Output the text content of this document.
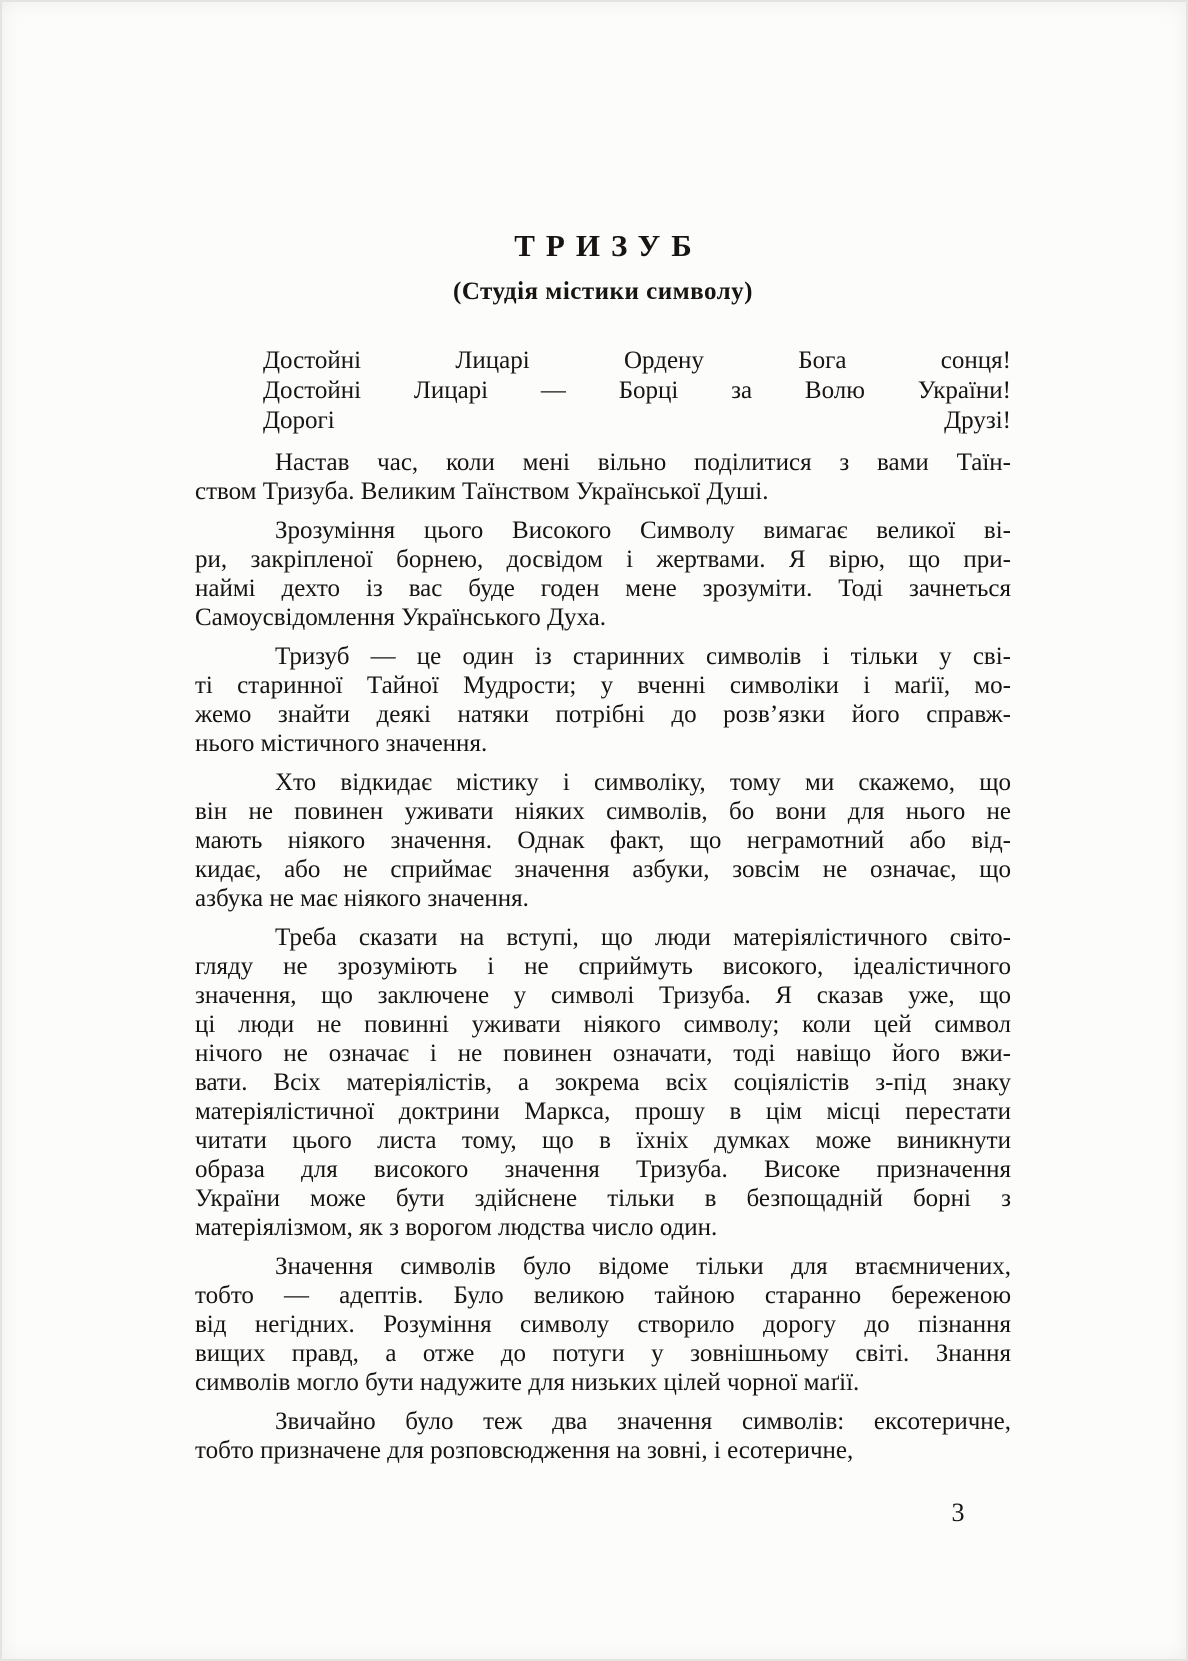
ТРИЗУБ
(Студія містики символу)
Достойні Лицарі Ордену Бога сонця!
Достойні Лицарі — Борці за Волю України!
Дорогі Друзі!
Настав час, коли мені вільно поділитися з вами Таїн-
ством Тризуба. Великим Таїнством Української Душі.
Зрозуміння цього Високого Символу вимагає великої ві-
ри, закріпленої борнею, досвідом і жертвами. Я вірю, що при-
наймі дехто із вас буде годен мене зрозуміти. Тоді зачнеться
Самоусвідомлення Українського Духа.
Тризуб — це один із старинних символів і тільки у сві-
ті старинної Тайної Мудрости; у вченні символіки і маґії, мо-
жемо знайти деякі натяки потрібні до розв’язки його справж-
нього містичного значення.
Хто відкидає містику і символіку, тому ми скажемо, що
він не повинен уживати ніяких символів, бо вони для нього не
мають ніякого значення. Однак факт, що неграмотний або від-
кидає, або не сприймає значення азбуки, зовсім не означає, що
азбука не має ніякого значення.
Треба сказати на вступі, що люди матеріялістичного світо-
гляду не зрозуміють і не сприймуть високого, ідеалістичного
значення, що заключене у символі Тризуба. Я сказав уже, що
ці люди не повинні уживати ніякого символу; коли цей символ
нічого не означає і не повинен означати, тоді навіщо його вжи-
вати. Всіх матеріялістів, а зокрема всіх соціялістів з-під знаку
матеріялістичної доктрини Маркса, прошу в цім місці перестати
читати цього листа тому, що в їхніх думках може виникнути
образа для високого значення Тризуба. Високе призначення
України може бути здійснене тільки в безпощадній борні з
матеріялізмом, як з ворогом людства число один.
Значення символів було відоме тільки для втаємничених,
тобто — адептів. Було великою тайною старанно береженою
від негідних. Розуміння символу створило дорогу до пізнання
вищих правд, а отже до потуги у зовнішньому світі. Знання
символів могло бути надужите для низьких цілей чорної маґії.
Звичайно було теж два значення символів: ексотеричне,
тобто призначене для розповсюдження на зовні, і есотеричне,
3
